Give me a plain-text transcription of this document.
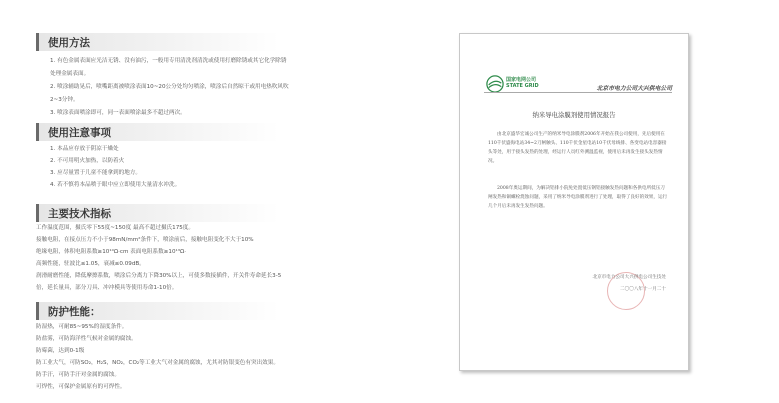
使用方法
1. 有色金属表面应光洁无锈、没有油污，一般用专用清洗剂清洗或使用打磨除锈或其它化学除锈
处理金属表面。
2. 喷涂辅助晃后，喷嘴距离被喷涂表面10~20公分处均匀喷涂，喷涂后自然晾干或用电热吹风吹
2~3分钟。
3. 喷涂表面喷涂即可，同一表面喷涂最多不超过两次。
使用注意事项
1. 本品应存放于阴凉干燥处
2. 不可用明火加热，以防着火
3. 应尽量置于儿童不能拿到的地方。
4. 若不慎将本品喷于眼中应立即使用大量清水冲洗。
主要技术指标
工作温度范围，摄氏零下55度~150度 最高不超过摄氏175度。
接触电阻，在接点压力不小于98mN/mm²条件下，喷涂前后，接触电阻变化不大于10%
绝缘电阻，体积电阻系数≥10¹⁰Ω·cm 表面电阻系数≥10¹³Ω·
高频性能，驻波比≤1.05，衰减≤0.09dB。
润滑耐磨性能，降低摩擦系数，喷涂后分离力下降30%以上，可使多数接插件，开关件寿命延长3-5
倍，延长量具，部分刀具、冲冲模具等使用寿命1-10倍。
防护性能：
防湿热，可耐85~95%的湿度条件。
防盐雾，可防海洋性气候对金属的腐蚀。
防霉菌，达到0-1级
防工业大气，可防SO₂，H₂S，NO₂，CO₂等工业大气对金属的腐蚀，尤其对防银变色有突出效果。
防手汗，可防手汗对金属的腐蚀。
可焊性，可保护金属原有的可焊性。
国家电网公司
STATE GRID	北京市电力公司大兴供电公司
纳米导电涂膜剂使用情况报告
由北京盛华宏诚公司生产的纳米导电涂膜剂2006年开始在我公司使用，先后使用在110千伏盛海电站34~2刀闸触头、110千伏金星电站10千伏母线排、各变电站电容器接头等处，用于接头发热的处理，经运行人员红外测温监视，使用后未再发生接头发热情况。
2008年奥运期间，为解决铝排小院免处置低压钢铝接触发热问题和各供电所低压刀闸发热和铜螺栓烧蚀问题，采用了纳米导电涂膜剂进行了处理，取得了良好的效果，运行几个月后未再发生发热问题。
北京市电力公司大兴供电公司生技处
二〇〇八年十一月二十
